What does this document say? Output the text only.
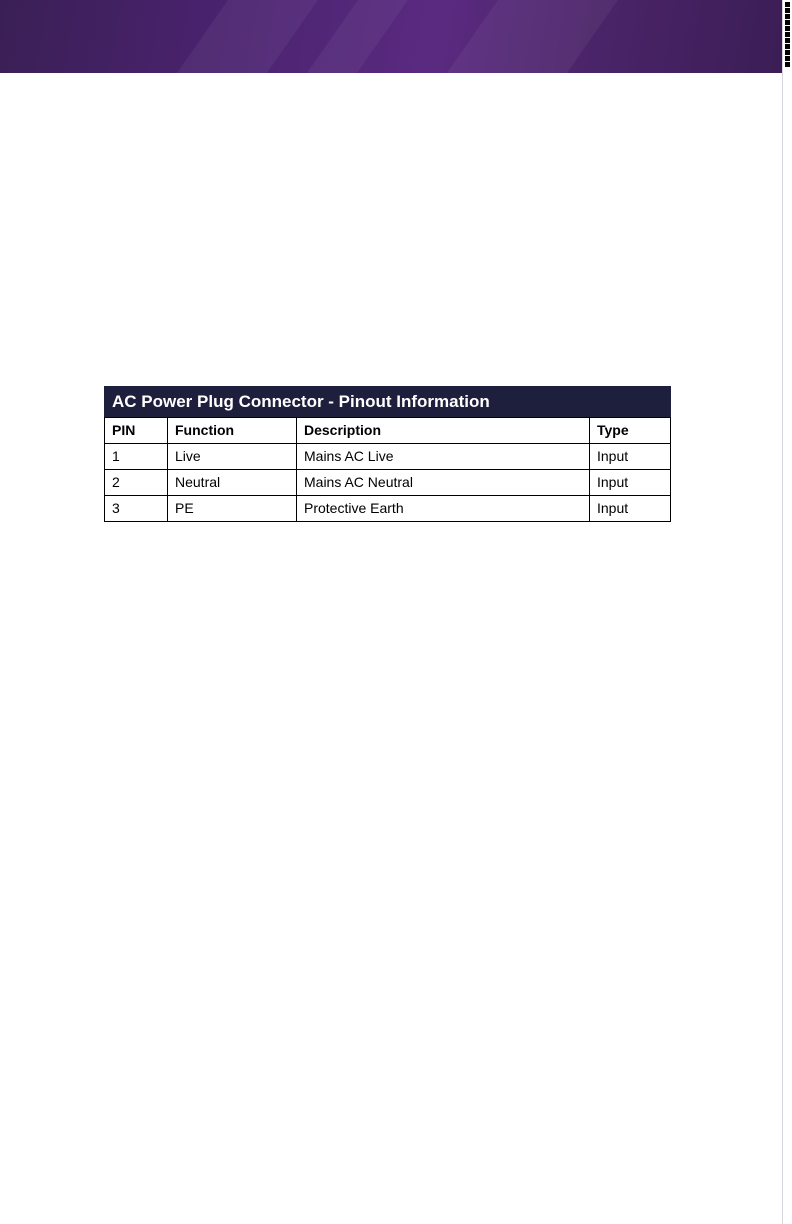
AC Power Plug Connector - Pinout Information
PIN	Function	Description	Type
1	Live	Mains AC Live	Input
2	Neutral	Mains AC Neutral	Input
3	PE	Protective Earth	Input
